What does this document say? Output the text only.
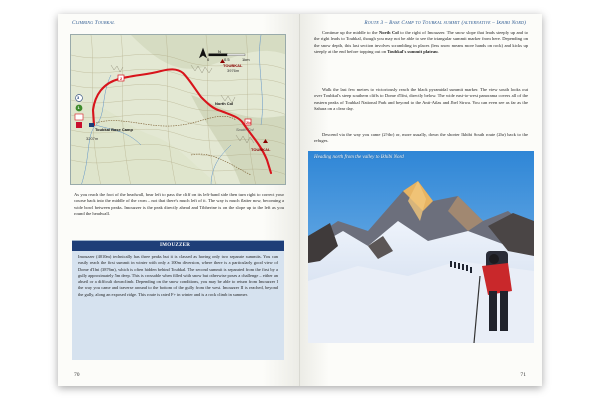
Climbing Toubkal
N
0	0.5	1km
TOUBKAL
3976m
North Col
Toubkal Base Camp
3207m
TOUBKAL
South Col
2
2b
3
1

As you reach the foot of the headwall, bear left to pass the cliff on its left-hand side then turn right to correct your course back into the middle of the cwm – not that there's much left of it. The way is much flatter now, becoming a wide bowl between peaks. Imouzzer is the peak directly ahead and Tibherine is on the slope up to the left as you round the headwall.

IMOUZZER

Imouzzer (4010m) technically has three peaks but it is classed as having only two separate summits. You can easily reach the first summit in winter with only a 100m diversion, where there is a particularly good view of Dome d'Ifni (3876m), which is often hidden behind Toubkal. The second summit is separated from the first by a gully approximately 5m deep. This is crossable when filled with snow but otherwise poses a challenge – either an abseil or a difficult downclimb. Depending on the snow conditions, you may be able to return from Imouzzer I the way you came and traverse around to the bottom of the gully from the west. Imouzzer II is reached, beyond the gully, along an exposed ridge. This route is rated F+ in winter and is a rock climb in summer.

70
Route 3 – Base Camp to Toubkal summit (alternative – Ikhibi Nord)

Continue up the middle to the North Col to the right of Imouzzer. The snow slope that leads steeply up and to the right leads to Toubkal, though you may not be able to see the triangular summit marker from here. Depending on the snow depth, this last section involves scrambling in places (less snow means more hands on rock) and kicks up steeply at the end before topping out on Toubkal's summit plateau.

Walk the last few metres to victoriously reach the black pyramidal summit marker. The view south looks out over Toubkal's steep southern cliffs to Dome d'Ifni, directly below. The wide east-to-west panorama covers all of the eastern peaks of Toubkal National Park and beyond to the Anti-Atlas and Jbel Sirwa. You can even see as far as the Sahara on a clear day.

Descend via the way you came (2½hr) or, more usually, down the shorter Ikhibi South route (2hr) back to the refuges.

Heading north from the valley to Ikhibi Nord
71
